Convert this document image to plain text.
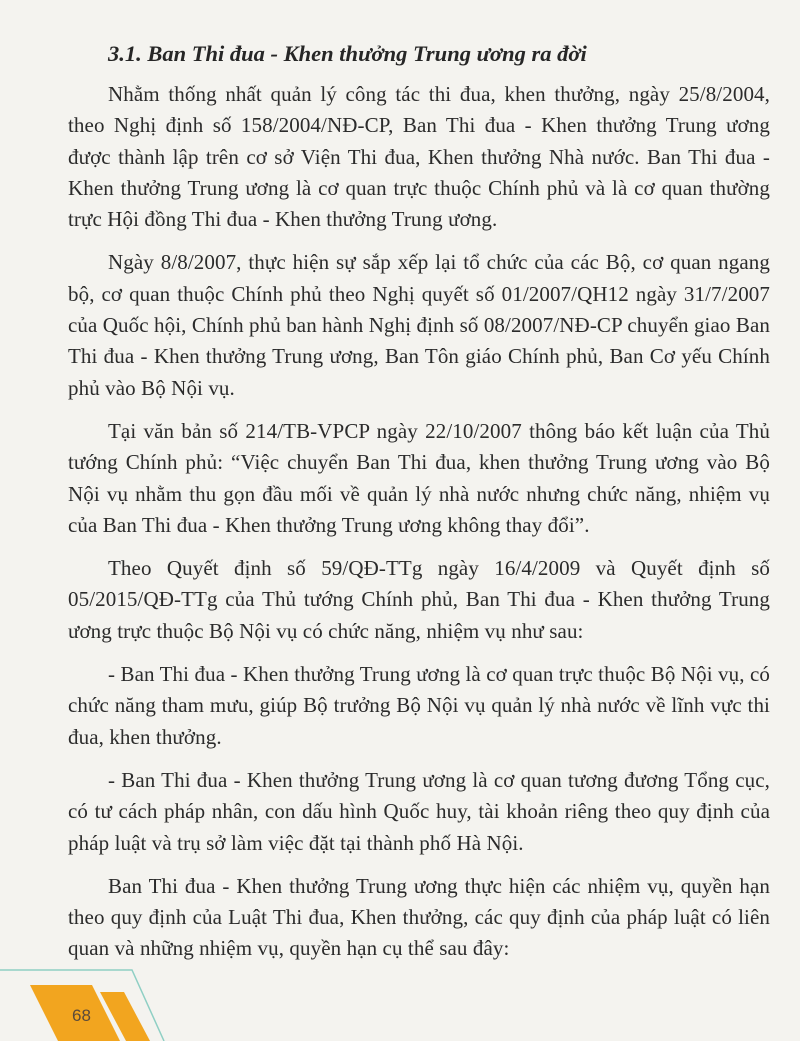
3.1. Ban Thi đua - Khen thưởng Trung ương ra đời

Nhằm thống nhất quản lý công tác thi đua, khen thưởng, ngày 25/8/2004, theo Nghị định số 158/2004/NĐ-CP, Ban Thi đua - Khen thưởng Trung ương được thành lập trên cơ sở Viện Thi đua, Khen thưởng Nhà nước. Ban Thi đua - Khen thưởng Trung ương là cơ quan trực thuộc Chính phủ và là cơ quan thường trực Hội đồng Thi đua - Khen thưởng Trung ương.

Ngày 8/8/2007, thực hiện sự sắp xếp lại tổ chức của các Bộ, cơ quan ngang bộ, cơ quan thuộc Chính phủ theo Nghị quyết số 01/2007/QH12 ngày 31/7/2007 của Quốc hội, Chính phủ ban hành Nghị định số 08/2007/NĐ-CP chuyển giao Ban Thi đua - Khen thưởng Trung ương, Ban Tôn giáo Chính phủ, Ban Cơ yếu Chính phủ vào Bộ Nội vụ.

Tại văn bản số 214/TB-VPCP ngày 22/10/2007 thông báo kết luận của Thủ tướng Chính phủ: “Việc chuyển Ban Thi đua, khen thưởng Trung ương vào Bộ Nội vụ nhằm thu gọn đầu mối về quản lý nhà nước nhưng chức năng, nhiệm vụ của Ban Thi đua - Khen thưởng Trung ương không thay đổi”.

Theo Quyết định số 59/QĐ-TTg ngày 16/4/2009 và Quyết định số 05/2015/QĐ-TTg của Thủ tướng Chính phủ, Ban Thi đua - Khen thưởng Trung ương trực thuộc Bộ Nội vụ có chức năng, nhiệm vụ như sau:

- Ban Thi đua - Khen thưởng Trung ương là cơ quan trực thuộc Bộ Nội vụ, có chức năng tham mưu, giúp Bộ trưởng Bộ Nội vụ quản lý nhà nước về lĩnh vực thi đua, khen thưởng.

- Ban Thi đua - Khen thưởng Trung ương là cơ quan tương đương Tổng cục, có tư cách pháp nhân, con dấu hình Quốc huy, tài khoản riêng theo quy định của pháp luật và trụ sở làm việc đặt tại thành phố Hà Nội.

Ban Thi đua - Khen thưởng Trung ương thực hiện các nhiệm vụ, quyền hạn theo quy định của Luật Thi đua, Khen thưởng, các quy định của pháp luật có liên quan và những nhiệm vụ, quyền hạn cụ thể sau đây:

68
